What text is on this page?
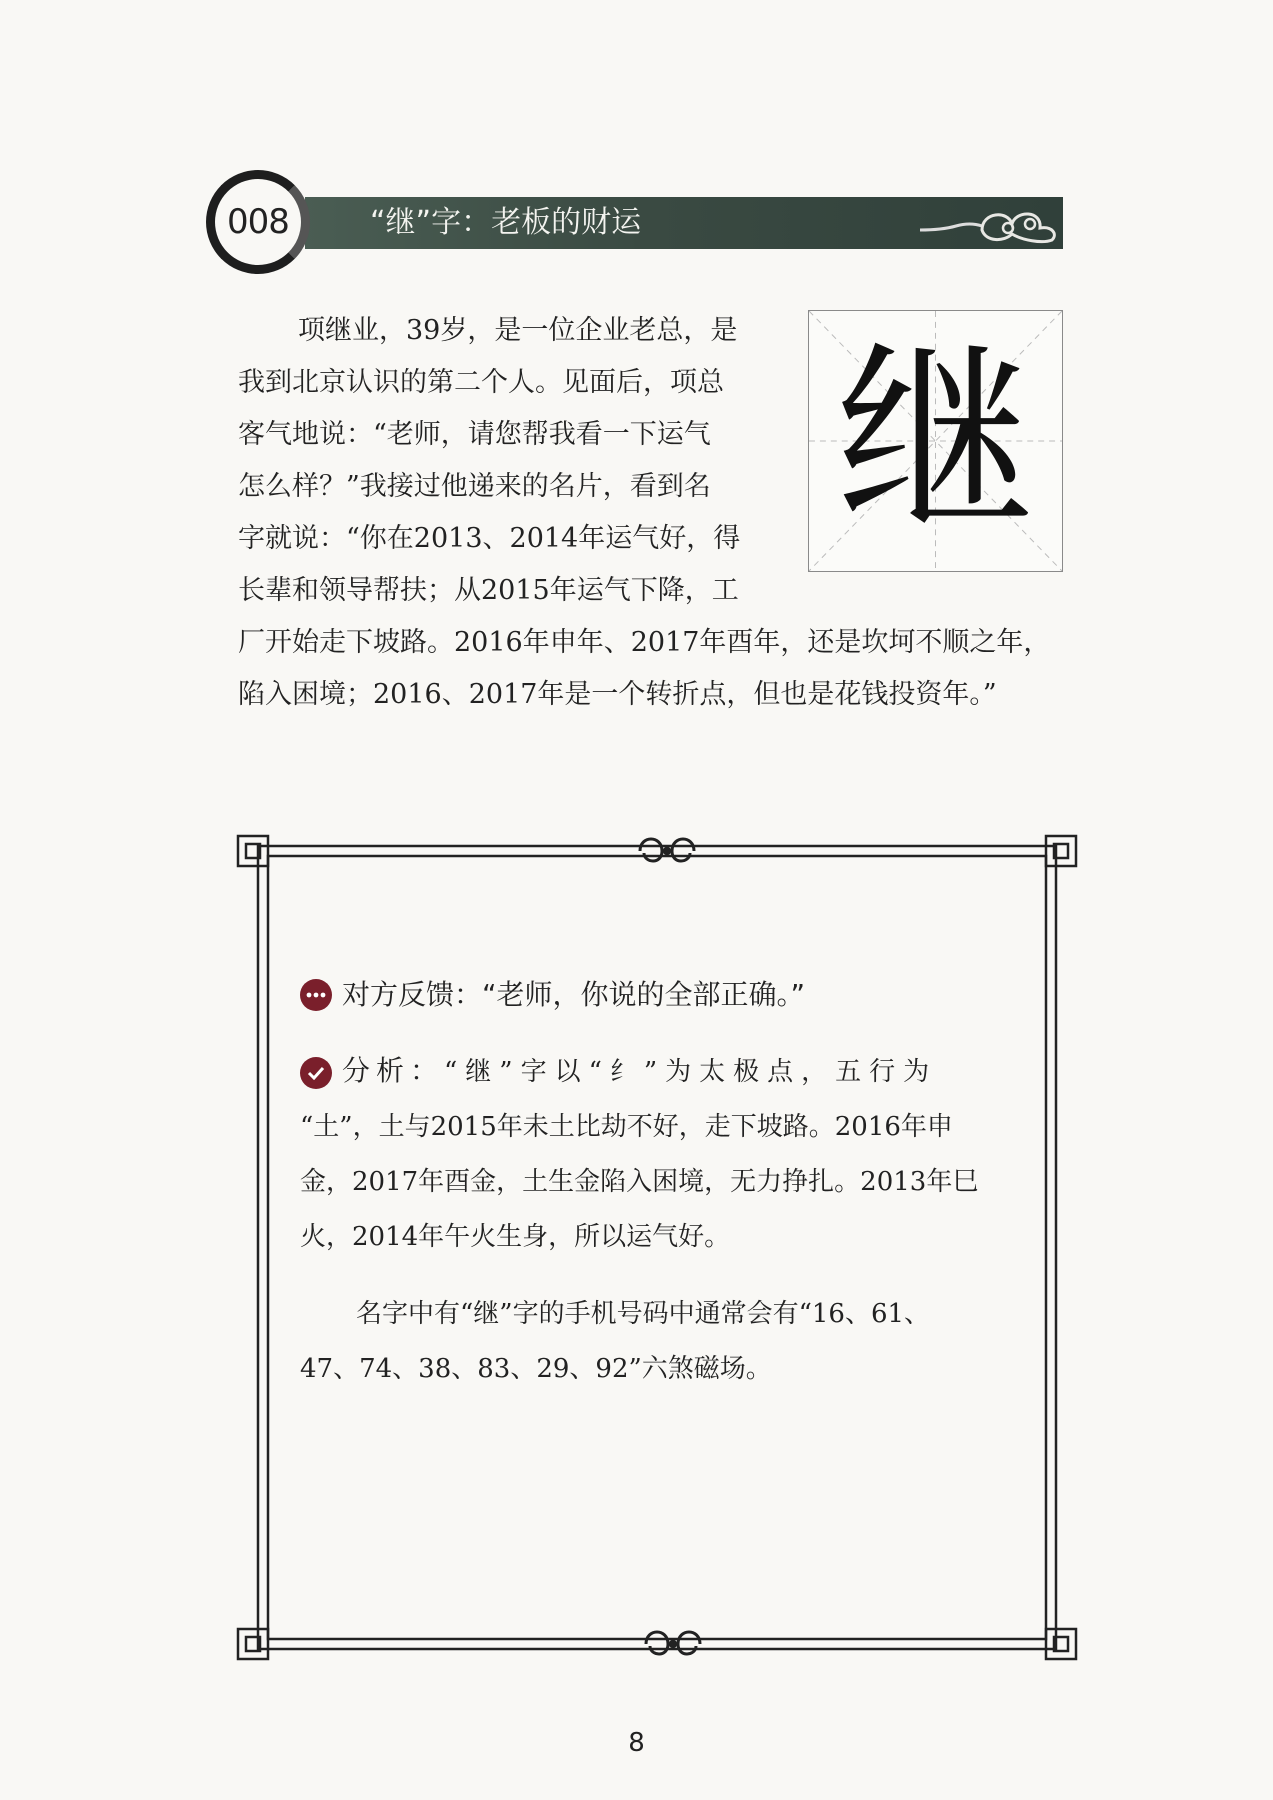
008	“继”字：老板的财运
继
项继业，39岁，是一位企业老总，是
我到北京认识的第二个人。见面后，项总
客气地说：“老师，请您帮我看一下运气
怎么样？”我接过他递来的名片，看到名
字就说：“你在2013、2014年运气好，得
长辈和领导帮扶；从2015年运气下降，工
厂开始走下坡路。2016年申年、2017年酉年，还是坎坷不顺之年，
陷入困境；2016、2017年是一个转折点，但也是花钱投资年。”
对方反馈： “老师，你说的全部正确。”
分析：“继”字以“纟”为太极点，五行为
“土”，土与2015年未土比劫不好，走下坡路。2016年申
金，2017年酉金，土生金陷入困境，无力挣扎。2013年巳
火，2014年午火生身，所以运气好。
名字中有“继”字的手机号码中通常会有“16、61、
47、74、38、83、29、92”六煞磁场。
8
